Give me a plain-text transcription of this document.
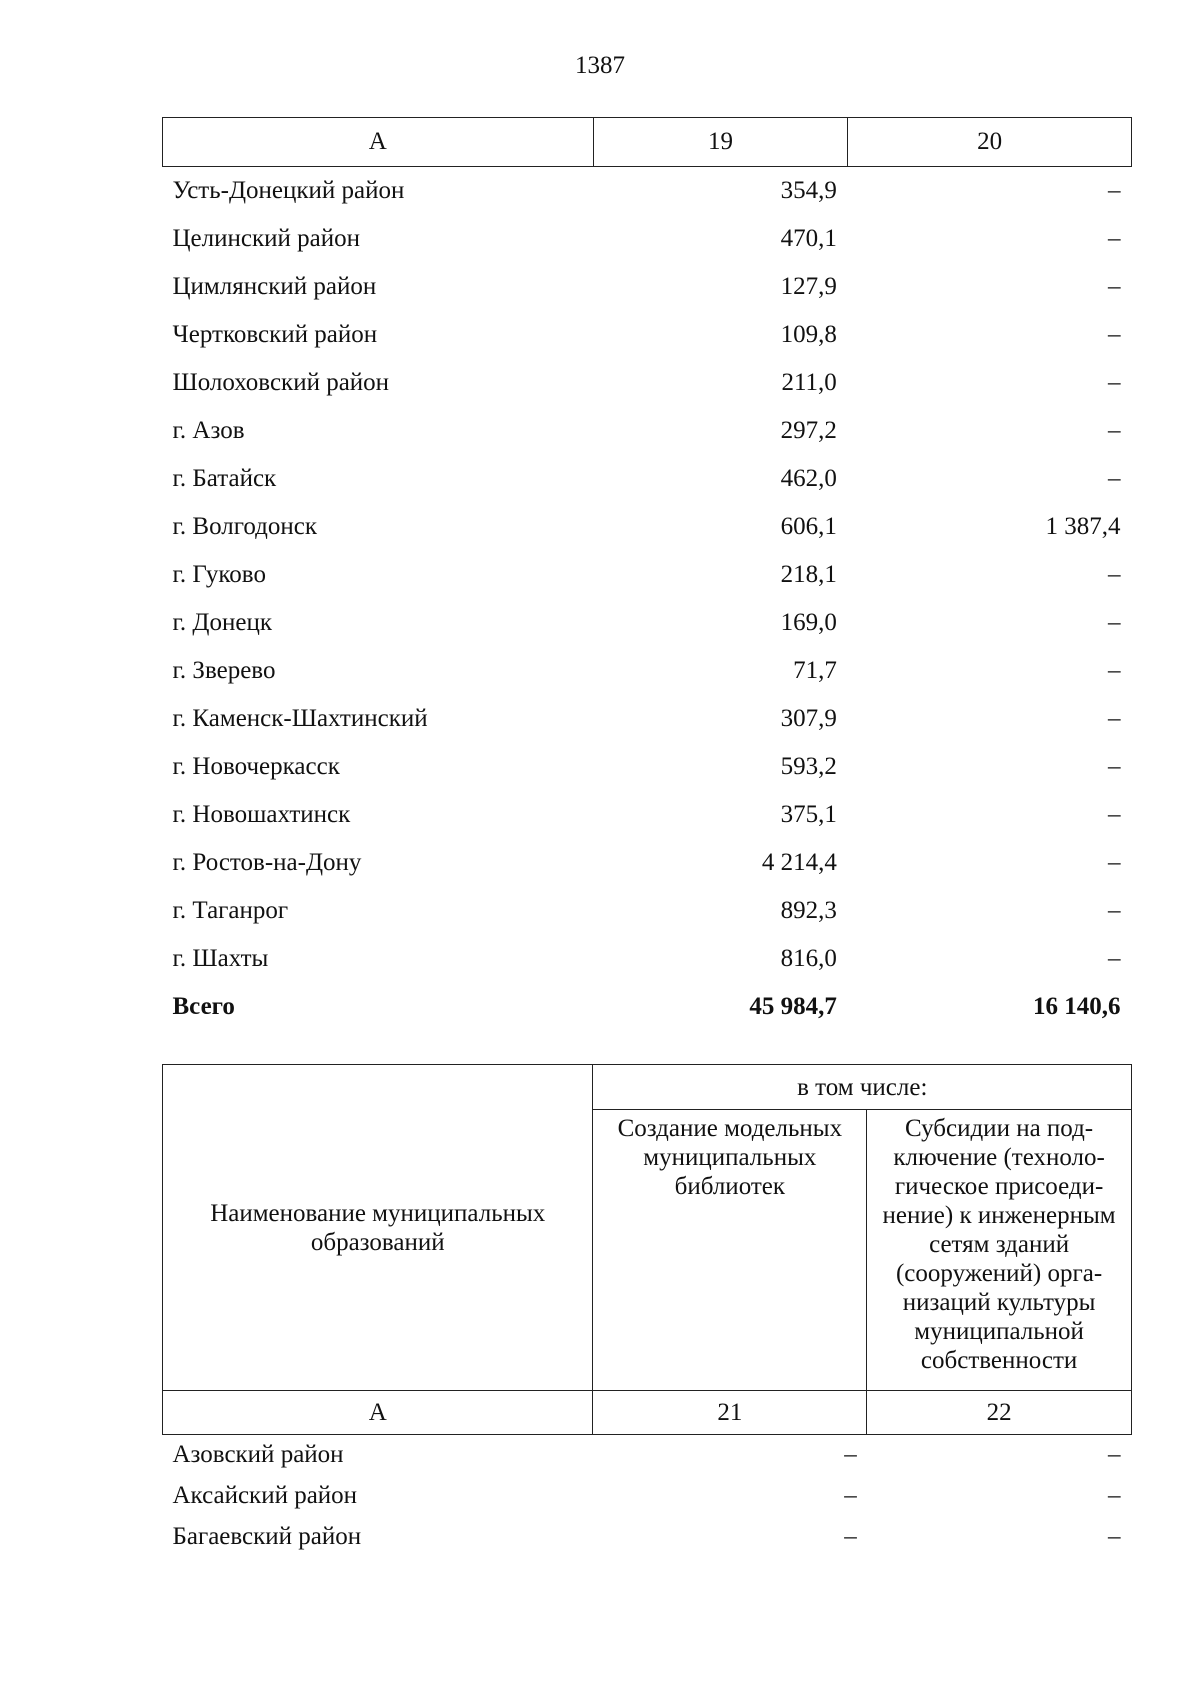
1387
А	19	20
Усть-Донецкий район	354,9	–
Целинский район	470,1	–
Цимлянский район	127,9	–
Чертковский район	109,8	–
Шолоховский район	211,0	–
г. Азов	297,2	–
г. Батайск	462,0	–
г. Волгодонск	606,1	1 387,4
г. Гуково	218,1	–
г. Донецк	169,0	–
г. Зверево	71,7	–
г. Каменск-Шахтинский	307,9	–
г. Новочеркасск	593,2	–
г. Новошахтинск	375,1	–
г. Ростов-на-Дону	4 214,4	–
г. Таганрог	892,3	–
г. Шахты	816,0	–
Всего	45 984,7	16 140,6
Наименование муниципальных образований	в том числе:	
	Создание модельных муниципальных библиотек	Субсидии на подключение (технологическое присоединение) к инженерным сетям зданий (сооружений) организаций культуры муниципальной собственности
А	21	22
Азовский район	–	–
Аксайский район	–	–
Багаевский район	–	–
